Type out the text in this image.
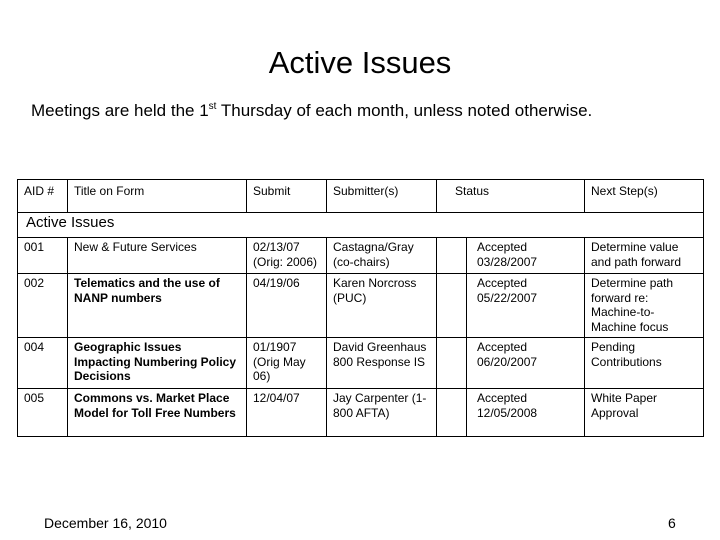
Active Issues
Meetings are held the 1st Thursday of each month, unless noted otherwise.
AID #	Title on Form	Submit	Submitter(s)	Status		Next Step(s)
Active Issues						
001	New & Future Services	02/13/07 (Orig: 2006)	Castagna/Gray (co-chairs)		Accepted 03/28/2007	Determine value and path forward
002	Telematics and the use of NANP numbers	04/19/06	Karen Norcross (PUC)		Accepted 05/22/2007	Determine path forward re: Machine-to-Machine focus
004	Geographic Issues Impacting Numbering Policy Decisions	01/1907 (Orig May 06)	David Greenhaus 800 Response IS		Accepted 06/20/2007	Pending Contributions
005	Commons vs. Market Place Model for Toll Free Numbers	12/04/07	Jay Carpenter (1-800 AFTA)		Accepted 12/05/2008	White Paper Approval
December 16, 2010	6
